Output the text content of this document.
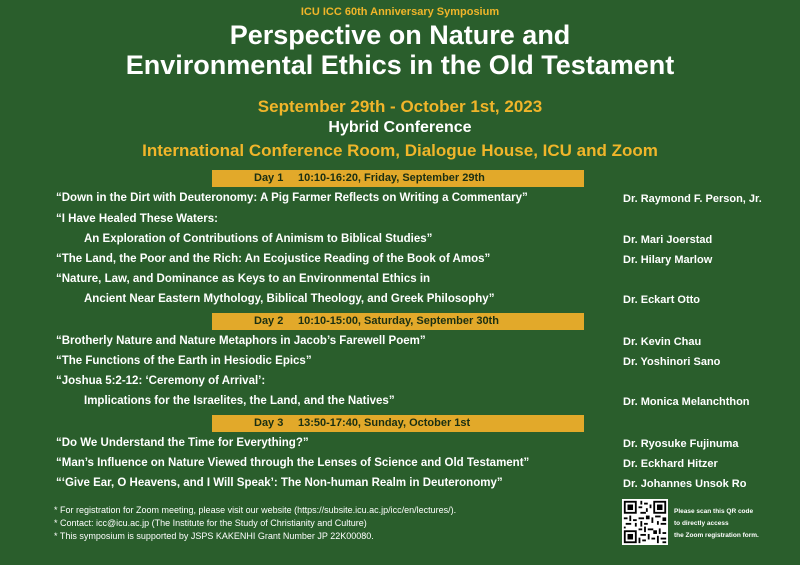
ICU ICC 60th Anniversary Symposium
Perspective on Nature and
Environmental Ethics in the Old Testament
September 29th - October 1st, 2023
Hybrid Conference
International Conference Room, Dialogue House, ICU and Zoom
Day 1 10:10-16:20, Friday, September 29th
“Down in the Dirt with Deuteronomy: A Pig Farmer Reflects on Writing a Commentary”	Dr. Raymond F. Person, Jr.
“I Have Healed These Waters:
An Exploration of Contributions of Animism to Biblical Studies”	Dr. Mari Joerstad
“The Land, the Poor and the Rich: An Ecojustice Reading of the Book of Amos”	Dr. Hilary Marlow
“Nature, Law, and Dominance as Keys to an Environmental Ethics in
Ancient Near Eastern Mythology, Biblical Theology, and Greek Philosophy”	Dr. Eckart Otto
Day 2 10:10-15:00, Saturday, September 30th
“Brotherly Nature and Nature Metaphors in Jacob’s Farewell Poem”	Dr. Kevin Chau
“The Functions of the Earth in Hesiodic Epics”	Dr. Yoshinori Sano
“Joshua 5:2-12: ‘Ceremony of Arrival’:
Implications for the Israelites, the Land, and the Natives”	Dr. Monica Melanchthon
Day 3 13:50-17:40, Sunday, October 1st
“Do We Understand the Time for Everything?”	Dr. Ryosuke Fujinuma
“Man’s Influence on Nature Viewed through the Lenses of Science and Old Testament”	Dr. Eckhard Hitzer
“‘Give Ear, O Heavens, and I Will Speak’: The Non-human Realm in Deuteronomy”	Dr. Johannes Unsok Ro
* For registration for Zoom meeting, please visit our website (https://subsite.icu.ac.jp/icc/en/lectures/).
* Contact: icc@icu.ac.jp (The Institute for the Study of Christianity and Culture)
* This symposium is supported by JSPS KAKENHI Grant Number JP 22K00080.
Please scan this QR code
to directly access
the Zoom registration form.
